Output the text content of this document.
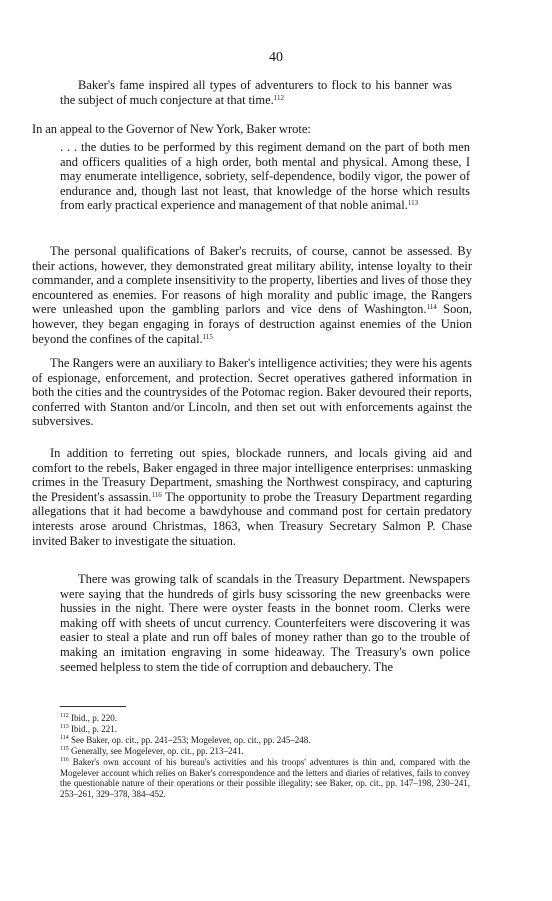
40

Baker's fame inspired all types of adventurers to flock to his banner was the subject of much conjecture at that time.$^{112}$

In an appeal to the Governor of New York, Baker wrote:

. . . the duties to be performed by this regiment demand on the part of both men and officers qualities of a high order, both mental and physical. Among these, I may enumerate intelligence, sobriety, self-dependence, bodily vigor, the power of endurance and, though last not least, that knowledge of the horse which results from early practical experience and management of that noble animal.$^{113}$

The personal qualifications of Baker's recruits, of course, cannot be assessed. By their actions, however, they demonstrated great military ability, intense loyalty to their commander, and a complete insensitivity to the property, liberties and lives of those they encountered as enemies. For reasons of high morality and public image, the Rangers were unleashed upon the gambling parlors and vice dens of Washington.$^{114}$ Soon, however, they began engaging in forays of destruction against enemies of the Union beyond the confines of the capital.$^{115}$

The Rangers were an auxiliary to Baker's intelligence activities; they were his agents of espionage, enforcement, and protection. Secret operatives gathered information in both the cities and the countrysides of the Potomac region. Baker devoured their reports, conferred with Stanton and/or Lincoln, and then set out with enforcements against the subversives.

In addition to ferreting out spies, blockade runners, and locals giving aid and comfort to the rebels, Baker engaged in three major intelligence enterprises: unmasking crimes in the Treasury Department, smashing the Northwest conspiracy, and capturing the President's assassin.$^{116}$ The opportunity to probe the Treasury Department regarding allegations that it had become a bawdyhouse and command post for certain predatory interests arose around Christmas, 1863, when Treasury Secretary Salmon P. Chase invited Baker to investigate the situation.

There was growing talk of scandals in the Treasury Department. Newspapers were saying that the hundreds of girls busy scissoring the new greenbacks were hussies in the night. There were oyster feasts in the bonnet room. Clerks were making off with sheets of uncut currency. Counterfeiters were discovering it was easier to steal a plate and run off bales of money rather than go to the trouble of making an imitation engraving in some hideaway. The Treasury's own police seemed helpless to stem the tide of corruption and debauchery. The

$^{112}$ Ibid., p. 220.

$^{113}$ Ibid., p. 221.

$^{114}$ See Baker, op. cit., pp. 241–253; Mogelever, op. cit., pp. 245–248.

$^{115}$ Generally, see Mogelever, op. cit., pp. 213–241.

$^{116}$ Baker's own account of his bureau's activities and his troops' adventures is thin and, compared with the Mogelever account which relies on Baker's correspondence and the letters and diaries of relatives, fails to convey the questionable nature of their operations or their possible illegality; see Baker, op. cit., pp. 147–198, 230–241, 253–261, 329–378, 384–452.
